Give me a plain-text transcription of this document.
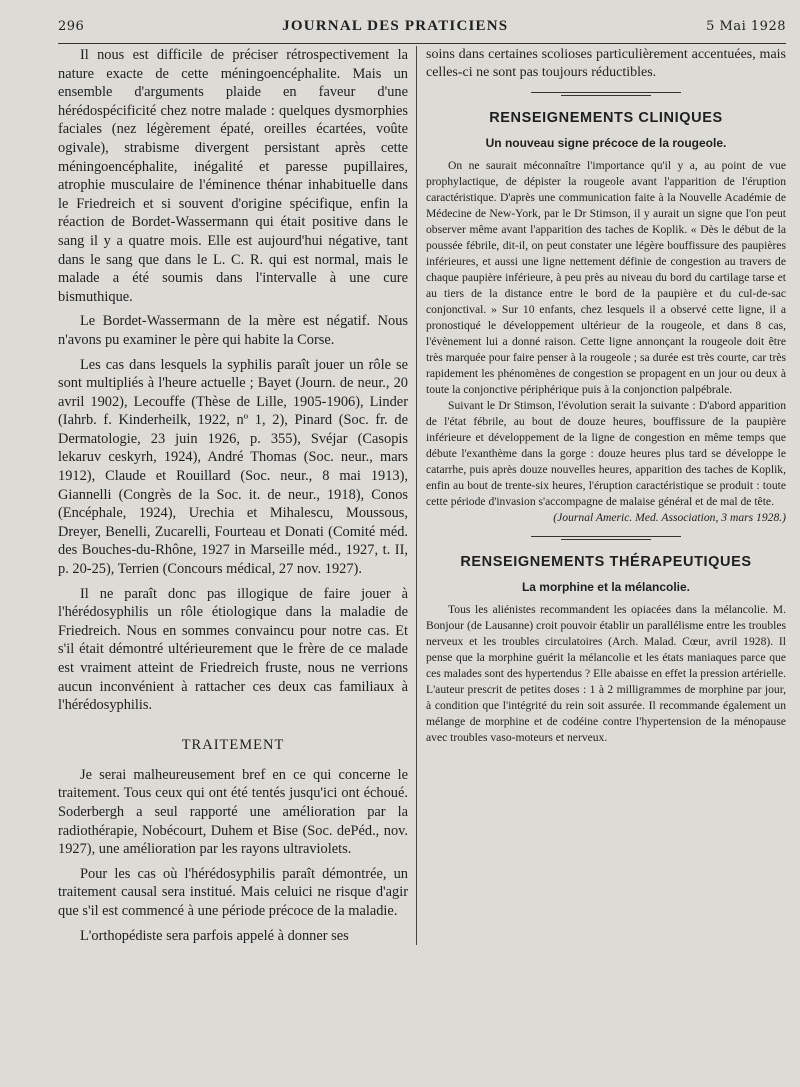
296	JOURNAL DES PRATICIENS	5 Mai 1928

Il nous est difficile de préciser rétrospectivement la nature exacte de cette méningoencéphalite. Mais un ensemble d'arguments plaide en faveur d'une hérédospécificité chez notre malade : quelques dysmorphies faciales (nez légèrement épaté, oreilles écartées, voûte ogivale), strabisme divergent persistant après cette méningoencéphalite, inégalité et paresse pupillaires, atrophie musculaire de l'éminence thénar inhabituelle dans le Friedreich et si souvent d'origine spécifique, enfin la réaction de Bordet-Wassermann qui était positive dans le sang il y a quatre mois. Elle est aujourd'hui négative, tant dans le sang que dans le L. C. R. qui est normal, mais le malade a été soumis dans l'intervalle à une cure bismuthique.

Le Bordet-Wassermann de la mère est négatif. Nous n'avons pu examiner le père qui habite la Corse.

Les cas dans lesquels la syphilis paraît jouer un rôle se sont multipliés à l'heure actuelle ; Bayet (Journ. de neur., 20 avril 1902), Lecouffe (Thèse de Lille, 1905-1906), Linder (Iahrb. f. Kinderheilk, 1922, nº 1, 2), Pinard (Soc. fr. de Dermatologie, 23 juin 1926, p. 355), Svéjar (Casopis lekaruv ceskyrh, 1924), André Thomas (Soc. neur., mars 1912), Claude et Rouillard (Soc. neur., 8 mai 1913), Giannelli (Congrès de la Soc. it. de neur., 1918), Conos (Encéphale, 1924), Urechia et Mihalescu, Moussous, Dreyer, Benelli, Zucarelli, Fourteau et Donati (Comité méd. des Bouches-du-Rhône, 1927 in Marseille méd., 1927, t. II, p. 20-25), Terrien (Concours médical, 27 nov. 1927).

Il ne paraît donc pas illogique de faire jouer à l'hérédosyphilis un rôle étiologique dans la maladie de Friedreich. Nous en sommes convaincu pour notre cas. Et s'il était démontré ultérieurement que le frère de ce malade est vraiment atteint de Friedreich fruste, nous ne verrions aucun inconvénient à rattacher ces deux cas familiaux à l'hérédosyphilis.

TRAITEMENT

Je serai malheureusement bref en ce qui concerne le traitement. Tous ceux qui ont été tentés jusqu'ici ont échoué. Soderbergh a seul rapporté une amélioration par la radiothérapie, Nobécourt, Duhem et Bise (Soc. dePéd., nov. 1927), une amélioration par les rayons ultraviolets.

Pour les cas où l'hérédosyphilis paraît démontrée, un traitement causal sera institué. Mais celuici ne risque d'agir que s'il est commencé à une période précoce de la maladie.

L'orthopédiste sera parfois appelé à donner ses

soins dans certaines scolioses particulièrement accentuées, mais celles-ci ne sont pas toujours réductibles.

RENSEIGNEMENTS CLINIQUES
Un nouveau signe précoce de la rougeole.

On ne saurait méconnaître l'importance qu'il y a, au point de vue prophylactique, de dépister la rougeole avant l'apparition de l'éruption caractéristique. D'après une communication faite à la Nouvelle Académie de Médecine de New-York, par le Dr Stimson, il y aurait un signe que l'on peut observer même avant l'apparition des taches de Koplik. « Dès le début de la poussée fébrile, dit-il, on peut constater une légère bouffissure des paupières inférieures, et aussi une ligne nettement définie de congestion au travers de chaque paupière inférieure, à peu près au niveau du bord du cartilage tarse et au tiers de la distance entre le bord de la paupière et du cul-de-sac conjonctival. » Sur 10 enfants, chez lesquels il a observé cette ligne, il a pronostiqué le développement ultérieur de la rougeole, et dans 8 cas, l'évènement lui a donné raison. Cette ligne annonçant la rougeole doit être très marquée pour faire penser à la rougeole ; sa durée est très courte, car très rapidement les phénomènes de congestion se propagent en un jour ou deux à toute la conjonctive périphérique puis à la conjonction palpébrale.

Suivant le Dr Stimson, l'évolution serait la suivante : D'abord apparition de l'état fébrile, au bout de douze heures, bouffissure de la paupière inférieure et développement de la ligne de congestion en même temps que débute l'exanthème dans la gorge : douze heures plus tard se développe le catarrhe, puis après douze nouvelles heures, apparition des taches de Koplik, enfin au bout de trente-six heures, l'éruption caractéristique se produit : toute cette période d'invasion s'accompagne de malaise général et de mal de tête.

(Journal Americ. Med. Association, 3 mars 1928.)

RENSEIGNEMENTS THÉRAPEUTIQUES
La morphine et la mélancolie.

Tous les aliénistes recommandent les opiacées dans la mélancolie. M. Bonjour (de Lausanne) croit pouvoir établir un parallélisme entre les troubles nerveux et les troubles circulatoires (Arch. Malad. Cœur, avril 1928). Il pense que la morphine guérit la mélancolie et les états maniaques parce que ces malades sont des hypertendus ? Elle abaisse en effet la pression artérielle. L'auteur prescrit de petites doses : 1 à 2 milligrammes de morphine par jour, à condition que l'intégrité du rein soit assurée. Il recommande également un mélange de morphine et de codéine contre l'hypertension de la ménopause avec troubles vaso-moteurs et nerveux.
